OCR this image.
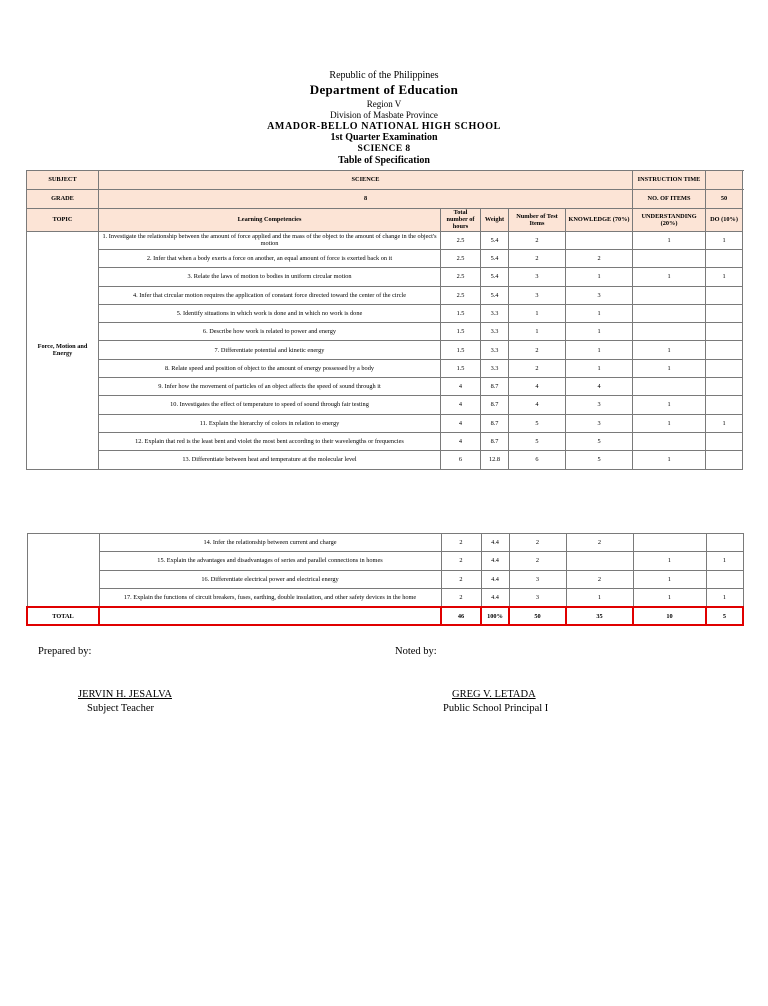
Republic of the Philippines
Department of Education
Region V
Division of Masbate Province
AMADOR-BELLO NATIONAL HIGH SCHOOL
1st Quarter Examination
SCIENCE 8
Table of Specification
SUBJECT	SCIENCE					INSTRUCTION TIME	
GRADE	8					NO. OF ITEMS	50
TOPIC	Learning Competencies	Total number of hours	Weight	Number of Test Items	KNOWLEDGE (70%)	UNDERSTANDING (20%)	DO (10%)
Force, Motion and Energy	1. Investigate the relationship between the amount of force applied and the mass of the object to the amount of change in the object's motion	2.5	5.4	2		1	1
	2. Infer that when a body exerts a force on another, an equal amount of force is exerted back on it	2.5	5.4	2	2		
	3. Relate the laws of motion to bodies in uniform circular motion	2.5	5.4	3	1	1	1
	4. Infer that circular motion requires the application of constant force directed toward the center of the circle	2.5	5.4	3	3		
	5. Identify situations in which work is done and in which no work is done	1.5	3.3	1	1		
	6. Describe how work is related to power and energy	1.5	3.3	1	1		
	7. Differentiate potential and kinetic energy	1.5	3.3	2	1	1	
	8. Relate speed and position of object to the amount of energy possessed by a body	1.5	3.3	2	1	1	
	9. Infer how the movement of particles of an object affects the speed of sound through it	4	8.7	4	4		
	10. Investigates the effect of temperature to speed of sound through fair testing	4	8.7	4	3	1	
	11. Explain the hierarchy of colors in relation to energy	4	8.7	5	3	1	1
	12. Explain that red is the least bent and violet the most bent according to their wavelengths or frequencies	4	8.7	5	5		
	13. Differentiate between heat and temperature at the molecular level	6	12.8	6	5	1	
	14. Infer the relationship between current and charge	2	4.4	2	2		
	15. Explain the advantages and disadvantages of series and parallel connections in homes	2	4.4	2		1	1
	16. Differentiate electrical power and electrical energy	2	4.4	3	2	1	
	17. Explain the functions of circuit breakers, fuses, earthing, double insulation, and other safety devices in the home	2	4.4	3	1	1	1
TOTAL		46	100%	50	35	10	5
Prepared by:	Noted by:
JERVIN H. JESALVA
Subject Teacher
GREG V. LETADA
Public School Principal I
